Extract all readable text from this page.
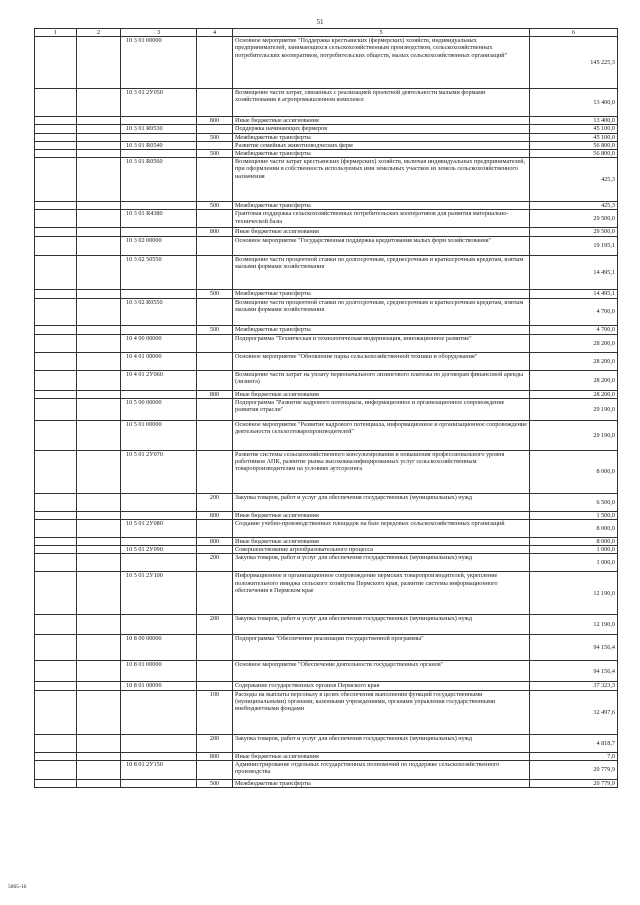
51
1	2	3	4	5	6
		10 3 01 00000		Основное мероприятие "Поддержка крестьянских (фермерских) хозяйств, индивидуальных предпринимателей, занимающихся сельскохозяйственным производством, сельскохозяйственных потребительских кооперативов, потребительских обществ, малых сельскохозяйственных организаций"	145 225,3
		10 3 01 2У050		Возмещение части затрат, связанных с реализацией проектной деятельности малыми формами хозяйствования в агропромышленном комплексе	13 400,0
			800	Иные бюджетные ассигнования	13 400,0
		10 3 01 R0530		Поддержка начинающих фермеров	45 100,0
			500	Межбюджетные трансферты	45 100,0
		10 3 01 R0540		Развитие семейных животноводческих ферм	56 800,0
			500	Межбюджетные трансферты	56 800,0
		10 3 01 R0560		Возмещение части затрат крестьянских (фермерских) хозяйств, включая индивидуальных предпринимателей, при оформлении в собственность используемых ими земельных участков из земель сельскохозяйственного назначения	425,3
			500	Межбюджетные трансферты	425,3
		10 3 01 R4380		Грантовая поддержка сельскохозяйственных потребительских кооперативов для развития материально-технической базы	29 500,0
			800	Иные бюджетные ассигнования	29 500,0
		10 3 02 00000		Основное мероприятие "Государственная поддержка кредитования малых форм хозяйствования"	19 195,1
		10 3 02 50550		Возмещение части процентной ставки по долгосрочным, среднесрочным и краткосрочным кредитам, взятым малыми формами хозяйствования	14 495,1
			500	Межбюджетные трансферты	14 495,1
		10 3 02 R0550		Возмещение части процентной ставки по долгосрочным, среднесрочным и краткосрочным кредитам, взятым малыми формами хозяйствования	4 700,0
			500	Межбюджетные трансферты	4 700,0
		10 4 00 00000		Подпрограмма "Техническая и технологическая модернизация, инновационное развитие"	28 200,0
		10 4 01 00000		Основное мероприятие "Обновление парка сельскохозяйственной техники и оборудования"	28 200,0
		10 4 01 2У060		Возмещение части затрат на уплату первоначального лизингового платежа по договорам финансовой аренды (лизинга)	28 200,0
			800	Иные бюджетные ассигнования	28 200,0
		10 5 00 00000		Подпрограмма "Развитие кадрового потенциала, информационное и организационное сопровождение развития отрасли"	29 190,0
		10 5 01 00000		Основное мероприятие "Развитие кадрового потенциала, информационное и организационное сопровождение деятельности сельхозтоваропроизводителей"	29 190,0
		10 5 01 2У070		Развитие системы сельскохозяйственного консультирования и повышения профессионального уровня работников АПК, развитие рынка высококвалифицированных услуг сельскохозяйственным товаропроизводителям на условиях аутсорсинга	8 000,0
			200	Закупка товаров, работ и услуг для обеспечения государственных (муниципальных) нужд	6 500,0
			800	Иные бюджетные ассигнования	1 500,0
		10 5 01 2У080		Создание учебно-производственных площадок на базе передовых сельскохозяйственных организаций	8 000,0
			800	Иные бюджетные ассигнования	8 000,0
		10 5 01 2У090		Совершенствование агрообразовательного процесса	1 000,0
			200	Закупка товаров, работ и услуг для обеспечения государственных (муниципальных) нужд	1 000,0
		10 5 01 2У100		Информационное и организационное сопровождение пермских товаропроизводителей, укрепление положительного имиджа сельского хозяйства Пермского края, развитие системы информационного обеспечения в Пермском крае	12 190,0
			200	Закупка товаров, работ и услуг для обеспечения государственных (муниципальных) нужд	12 190,0
		10 8 00 00000		Подпрограмма "Обеспечение реализации государственной программы"	94 156,4
		10 8 01 00000		Основное мероприятие "Обеспечение деятельности государственных органов"	94 156,4
		10 8 01 00090		Содержание государственных органов Пермского края	37 323,3
			100	Расходы на выплаты персоналу в целях обеспечения выполнения функций государственными (муниципальными) органами, казенными учреждениями, органами управления государственными внебюджетными фондами	32 497,6
			200	Закупка товаров, работ и услуг для обеспечения государственных (муниципальных) нужд	4 818,7
			800	Иные бюджетные ассигнования	7,0
		10 8 01 2У150		Администрирование отдельных государственных полномочий по поддержке сельскохозяйственного производства	20 779,9
			500	Межбюджетные трансферты	20 779,9
5865-16
